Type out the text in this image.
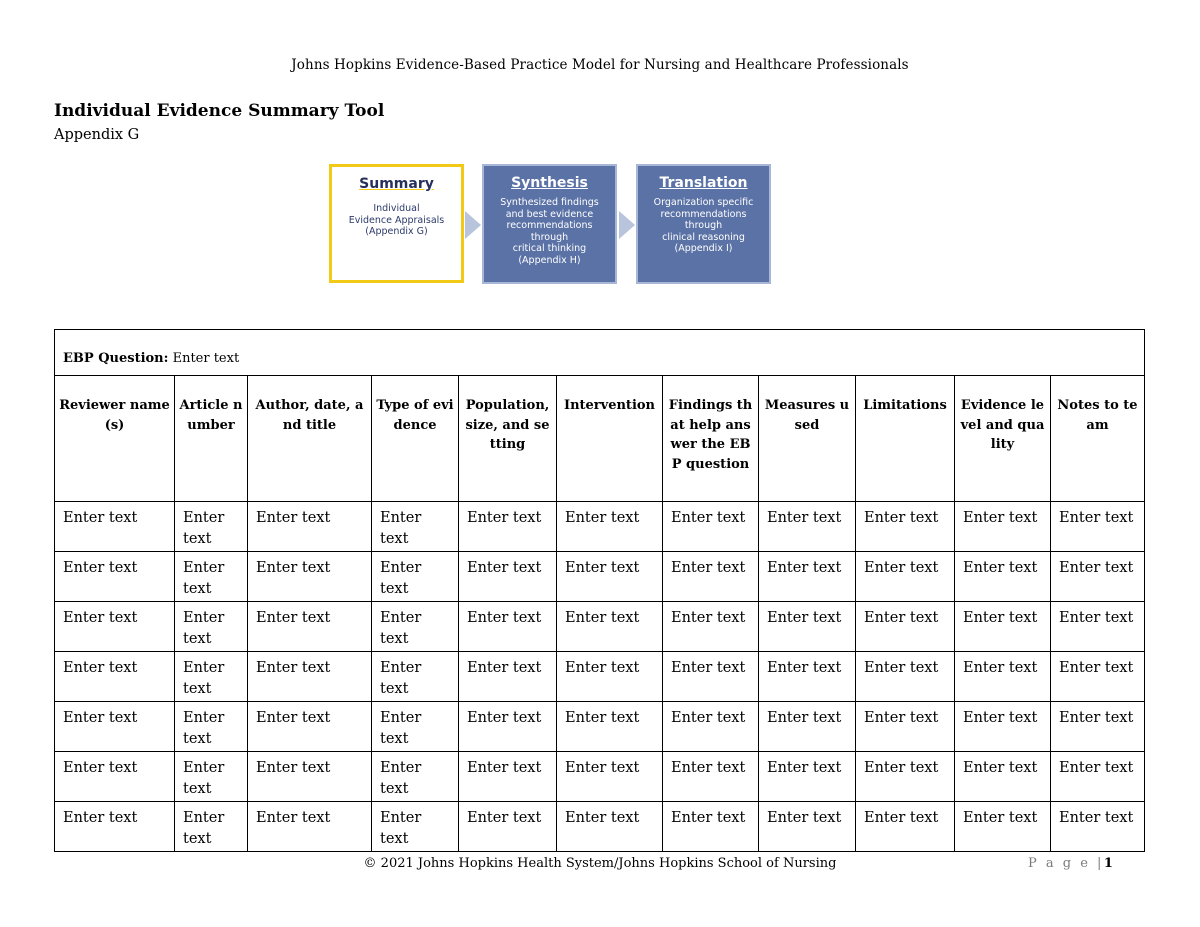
Johns Hopkins Evidence-Based Practice Model for Nursing and Healthcare Professionals
Individual Evidence Summary Tool
Appendix G
Summary
Individual
Evidence Appraisals
(Appendix G)
Synthesis
Synthesized findings
and best evidence
recommendations
through
critical thinking
(Appendix H)
Translation
Organization specific
recommendations
through
clinical reasoning
(Appendix I)
EBP Question: Enter text										
Reviewer name(s)	Article number	Author, date, and title	Type of evidence	Population, size, and setting	Intervention	Findings that help answer the EBP question	Measures used	Limitations	Evidence level and quality	Notes to team
Enter text	Enter text	Enter text	Enter text	Enter text	Enter text	Enter text	Enter text	Enter text	Enter text	Enter text
Enter text	Enter text	Enter text	Enter text	Enter text	Enter text	Enter text	Enter text	Enter text	Enter text	Enter text
Enter text	Enter text	Enter text	Enter text	Enter text	Enter text	Enter text	Enter text	Enter text	Enter text	Enter text
Enter text	Enter text	Enter text	Enter text	Enter text	Enter text	Enter text	Enter text	Enter text	Enter text	Enter text
Enter text	Enter text	Enter text	Enter text	Enter text	Enter text	Enter text	Enter text	Enter text	Enter text	Enter text
Enter text	Enter text	Enter text	Enter text	Enter text	Enter text	Enter text	Enter text	Enter text	Enter text	Enter text
Enter text	Enter text	Enter text	Enter text	Enter text	Enter text	Enter text	Enter text	Enter text	Enter text	Enter text
© 2021 Johns Hopkins Health System/Johns Hopkins School of Nursing	P a g e |1
